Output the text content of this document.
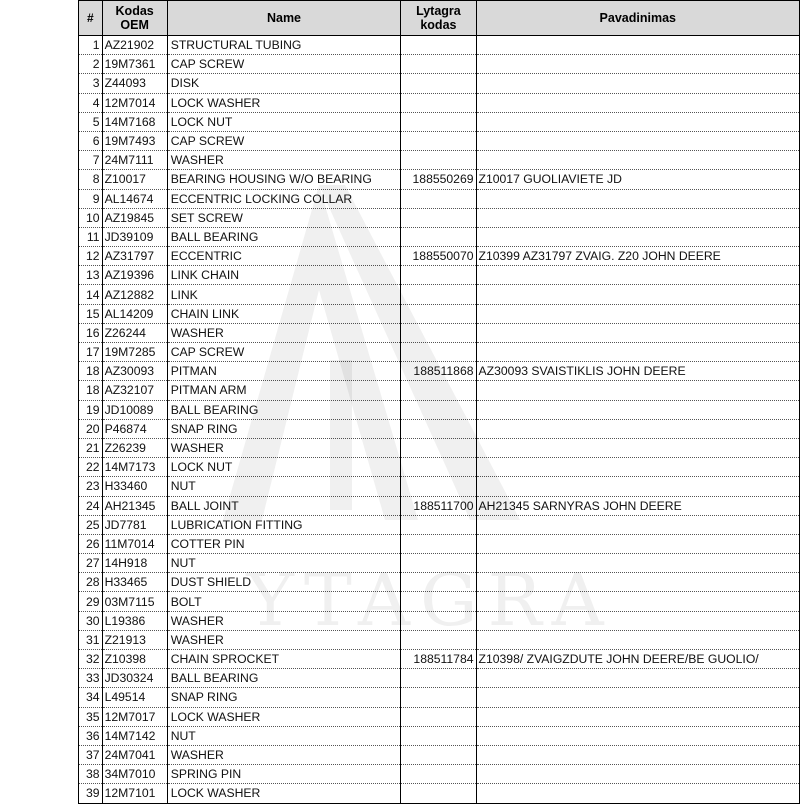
#	Kodas OEM	Name	Lytagra kodas	Pavadinimas
1	AZ21902	STRUCTURAL TUBING		
2	19M7361	CAP SCREW		
3	Z44093	DISK		
4	12M7014	LOCK WASHER		
5	14M7168	LOCK NUT		
6	19M7493	CAP SCREW		
7	24M7111	WASHER		
8	Z10017	BEARING HOUSING W/O BEARING	188550269	Z10017 GUOLIAVIETE JD
9	AL14674	ECCENTRIC LOCKING COLLAR		
10	AZ19845	SET SCREW		
11	JD39109	BALL BEARING		
12	AZ31797	ECCENTRIC	188550070	Z10399 AZ31797 ZVAIG. Z20 JOHN DEERE
13	AZ19396	LINK CHAIN		
14	AZ12882	LINK		
15	AL14209	CHAIN LINK		
16	Z26244	WASHER		
17	19M7285	CAP SCREW		
18	AZ30093	PITMAN	188511868	AZ30093 SVAISTIKLIS JOHN DEERE
18	AZ32107	PITMAN ARM		
19	JD10089	BALL BEARING		
20	P46874	SNAP RING		
21	Z26239	WASHER		
22	14M7173	LOCK NUT		
23	H33460	NUT		
24	AH21345	BALL JOINT	188511700	AH21345 SARNYRAS JOHN DEERE
25	JD7781	LUBRICATION FITTING		
26	11M7014	COTTER PIN		
27	14H918	NUT		
28	H33465	DUST SHIELD		
29	03M7115	BOLT		
30	L19386	WASHER		
31	Z21913	WASHER		
32	Z10398	CHAIN SPROCKET	188511784	Z10398/ ZVAIGZDUTE JOHN DEERE/BE GUOLIO/
33	JD30324	BALL BEARING		
34	L49514	SNAP RING		
35	12M7017	LOCK WASHER		
36	14M7142	NUT		
37	24M7041	WASHER		
38	34M7010	SPRING PIN		
39	12M7101	LOCK WASHER		
YTAGRA
